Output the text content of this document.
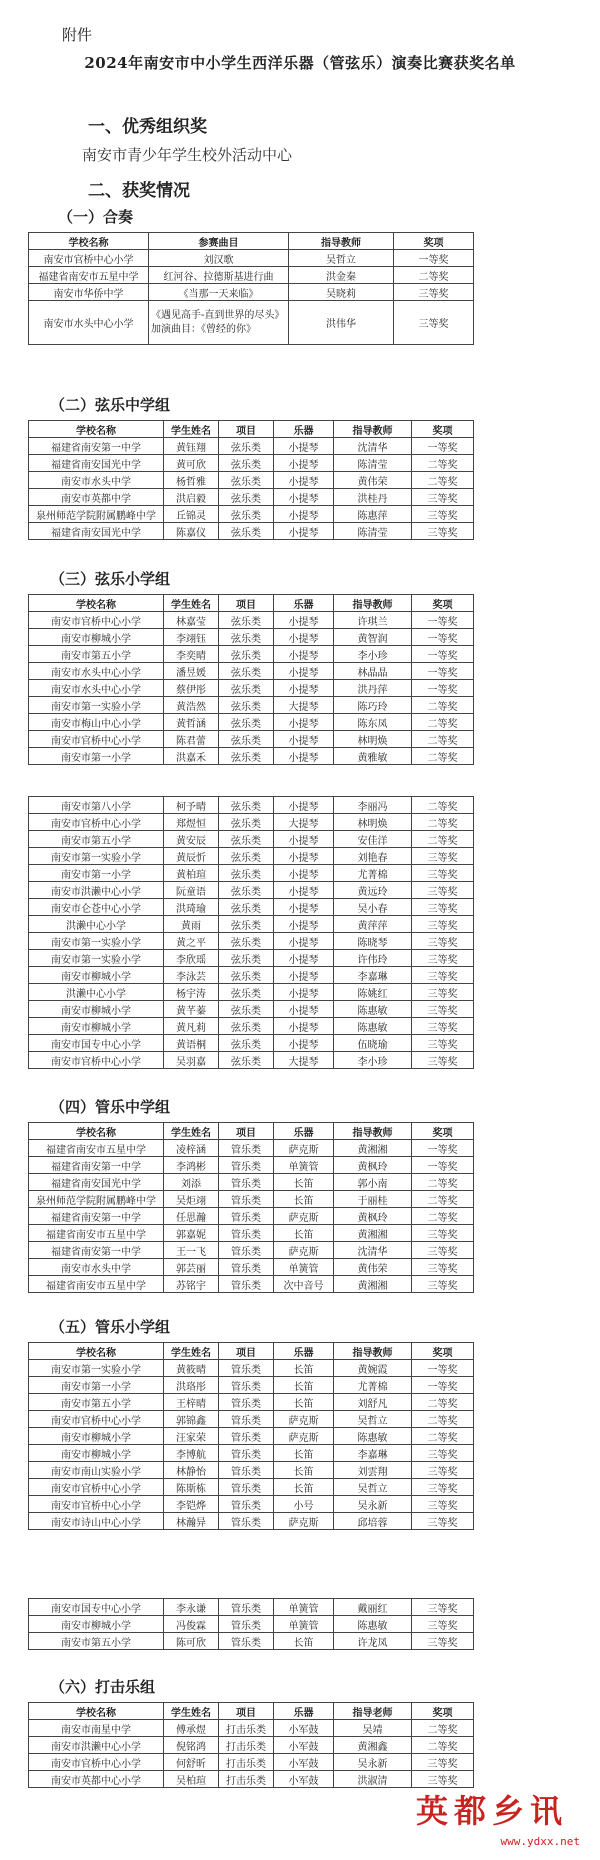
附件
2024年南安市中小学生西洋乐器（管弦乐）演奏比赛获奖名单
一、优秀组织奖
南安市青少年学生校外活动中心
二、获奖情况
（一）合奏
学校名称	参赛曲目	指导教师	奖项
南安市官桥中心小学	刘汉歌	吴哲立	一等奖
福建省南安市五星中学	红河谷、拉德斯基进行曲	洪金秦	二等奖
南安市华侨中学	《当那一天来临》	吴晓莉	三等奖
南安市水头中心小学	《遇见高手-直到世界的尽头》
加演曲目：《曾经的你》	洪伟华	三等奖
（二）弦乐中学组
学校名称	学生姓名	项目	乐器	指导教师	奖项
福建省南安第一中学	黄钰翔	弦乐类	小提琴	沈清华	一等奖
福建省南安国光中学	黄可欣	弦乐类	小提琴	陈清莹	二等奖
南安市水头中学	杨哲雅	弦乐类	小提琴	黄伟荣	二等奖
南安市英都中学	洪启毅	弦乐类	小提琴	洪桂丹	三等奖
泉州师范学院附属鹏峰中学	丘锦灵	弦乐类	小提琴	陈惠萍	三等奖
福建省南安国光中学	陈嘉仪	弦乐类	小提琴	陈清莹	三等奖
（三）弦乐小学组
学校名称	学生姓名	项目	乐器	指导教师	奖项
南安市官桥中心小学	林嘉莹	弦乐类	小提琴	许琪兰	一等奖
南安市柳城小学	李翊钰	弦乐类	小提琴	黄智润	一等奖
南安市第五小学	李奕晴	弦乐类	小提琴	李小珍	一等奖
南安市水头中心小学	潘昱媛	弦乐类	小提琴	林晶晶	一等奖
南安市水头中心小学	蔡伊彤	弦乐类	小提琴	洪丹萍	一等奖
南安市第一实验小学	黄浩然	弦乐类	大提琴	陈巧玲	二等奖
南安市梅山中心小学	黄哲涵	弦乐类	小提琴	陈东凤	二等奖
南安市官桥中心小学	陈君蕾	弦乐类	小提琴	林明焕	二等奖
南安市第一小学	洪嘉禾	弦乐类	小提琴	黄雅敏	二等奖
南安市第八小学	柯予晴	弦乐类	小提琴	李丽冯	二等奖
南安市官桥中心小学	郑煜恒	弦乐类	大提琴	林明焕	二等奖
南安市第五小学	黄安辰	弦乐类	小提琴	安佳洋	二等奖
南安市第一实验小学	黄辰忻	弦乐类	小提琴	刘艳春	三等奖
南安市第一小学	黄柏瑄	弦乐类	小提琴	尤菁棉	三等奖
南安市洪濑中心小学	阮童语	弦乐类	小提琴	黄远玲	三等奖
南安市仑苍中心小学	洪琦瑜	弦乐类	小提琴	吴小春	三等奖
洪濑中心小学	黄雨	弦乐类	小提琴	黄萍萍	三等奖
南安市第一实验小学	黄之平	弦乐类	小提琴	陈晓琴	三等奖
南安市第一实验小学	李欣瑶	弦乐类	小提琴	许伟玲	三等奖
南安市柳城小学	李泳芸	弦乐类	小提琴	李嘉琳	三等奖
洪濑中心小学	杨宇涛	弦乐类	小提琴	陈姚红	三等奖
南安市柳城小学	黄芊蓁	弦乐类	小提琴	陈惠敏	三等奖
南安市柳城小学	黄凡莉	弦乐类	小提琴	陈惠敏	三等奖
南安市国专中心小学	黄语桐	弦乐类	小提琴	伍晓瑜	三等奖
南安市官桥中心小学	吴羽嘉	弦乐类	大提琴	李小珍	三等奖
（四）管乐中学组
学校名称	学生姓名	项目	乐器	指导教师	奖项
福建省南安市五星中学	凌梓涵	管乐类	萨克斯	黄湘湘	一等奖
福建省南安第一中学	李鸿彬	管乐类	单簧管	黄枫玲	一等奖
福建省南安国光中学	刘添	管乐类	长笛	郭小南	二等奖
泉州师范学院附属鹏峰中学	吴炬翊	管乐类	长笛	于丽桂	二等奖
福建省南安第一中学	任思瀚	管乐类	萨克斯	黄枫玲	二等奖
福建省南安市五星中学	郭嘉妮	管乐类	长笛	黄湘湘	三等奖
福建省南安第一中学	王一飞	管乐类	萨克斯	沈清华	三等奖
南安市水头中学	郭芸丽	管乐类	单簧管	黄伟荣	三等奖
福建省南安市五星中学	苏铭宇	管乐类	次中音号	黄湘湘	三等奖
（五）管乐小学组
学校名称	学生姓名	项目	乐器	指导教师	奖项
南安市第一实验小学	黄筱晴	管乐类	长笛	黄婉霞	一等奖
南安市第一小学	洪珞彤	管乐类	长笛	尤菁棉	一等奖
南安市第五小学	王梓晴	管乐类	长笛	刘舒凡	二等奖
南安市官桥中心小学	郭锦鑫	管乐类	萨克斯	吴哲立	二等奖
南安市柳城小学	汪家荣	管乐类	萨克斯	陈惠敏	二等奖
南安市柳城小学	李博航	管乐类	长笛	李嘉琳	三等奖
南安市南山实验小学	林静怡	管乐类	长笛	刘雲翔	三等奖
南安市官桥中心小学	陈斯栋	管乐类	长笛	吴哲立	三等奖
南安市官桥中心小学	李铠烨	管乐类	小号	吴永新	三等奖
南安市诗山中心小学	林瀚异	管乐类	萨克斯	邱培蓉	三等奖
南安市国专中心小学	李永谦	管乐类	单簧管	戴丽红	三等奖
南安市柳城小学	冯俊霖	管乐类	单簧管	陈惠敏	三等奖
南安市第五小学	陈可欣	管乐类	长笛	许龙凤	三等奖
（六）打击乐组
学校名称	学生姓名	项目	乐器	指导老师	奖项
南安市南星中学	傅承煜	打击乐类	小军鼓	吴靖	二等奖
南安市洪濑中心小学	倪铭鸿	打击乐类	小军鼓	黄湘鑫	二等奖
南安市官桥中心小学	何舒昕	打击乐类	小军鼓	吴永新	三等奖
南安市英都中心小学	吴柏瑄	打击乐类	小军鼓	洪淑清	三等奖
英都乡讯
www.ydxx.net
